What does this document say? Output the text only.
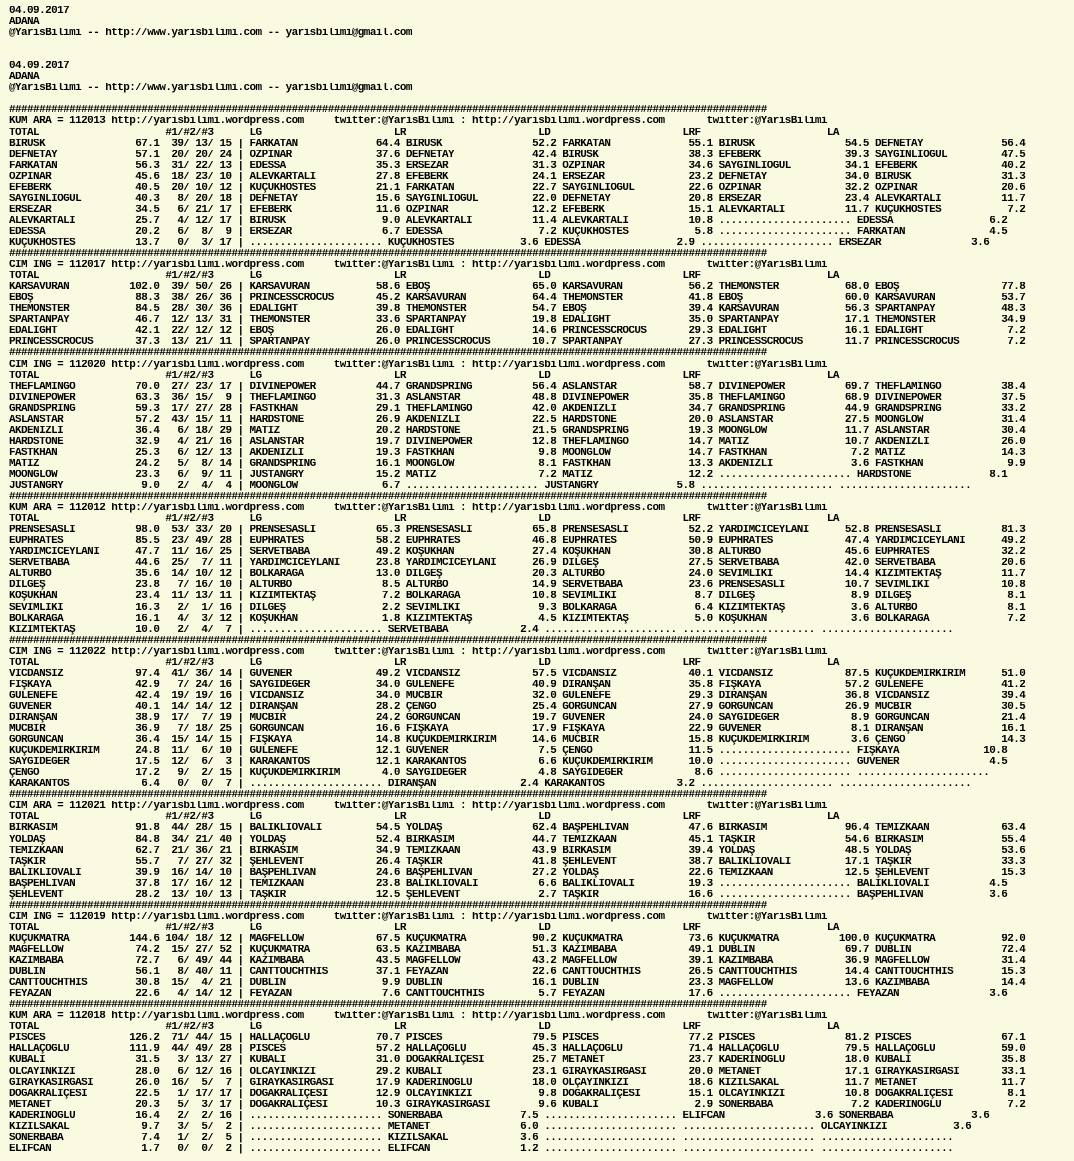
04.09.2017
ADANA
@YarisBilimi -- http://www.yarisbilimi.com -- yarisbilimi@gmail.com

04.09.2017
ADANA
@YarisBilimi -- http://www.yarisbilimi.com -- yarisbilimi@gmail.com

##############################################################################################################################
KUM ARA = 112013 http://yarisbilimi.wordpress.com     twitter:@YarisBilimi : http://yarisbilimi.wordpress.com       twitter:@YarisBilimi
TOTAL                     #1/#2/#3      LG                      LR                      LD                      LRF                     LA
BIRUSK               67.1  39/ 13/ 15 | FARKATAN             64.4 BIRUSK               52.2 FARKATAN             55.1 BIRUSK               54.5 DEFNETAY             56.4
DEFNETAY             57.1  20/ 20/ 24 | ÖZPINAR              37.6 DEFNETAY             42.4 BIRUSK               38.3 EFEBERK              39.3 SAYGINLIOĞUL         47.5
FARKATAN             56.3  31/ 22/ 13 | EDESSA               35.3 ERSEZAR              31.3 ÖZPINAR              34.6 SAYGINLIOĞUL         34.1 EFEBERK              40.2
ÖZPINAR              45.6  18/ 23/ 10 | ALEVKARTALI          27.8 EFEBERK              24.1 ERSEZAR              23.2 DEFNETAY             34.0 BIRUSK               31.3
EFEBERK              40.5  20/ 10/ 12 | KÜÇÜKHOSTES          21.1 FARKATAN             22.7 SAYGINLIOĞUL         22.6 ÖZPINAR              32.2 ÖZPINAR              20.6
SAYGINLIOĞUL         40.3   8/ 20/ 18 | DEFNETAY             15.6 SAYGINLIOĞUL         22.0 DEFNETAY             20.8 ERSEZAR              23.4 ALEVKARTALI          11.7
ERSEZAR              34.5   6/ 21/ 17 | EFEBERK              11.6 ÖZPINAR              12.2 EFEBERK              15.1 ALEVKARTALI          11.7 KÜÇÜKHOSTES           7.2
ALEVKARTALI          25.7   4/ 12/ 17 | BIRUSK                9.0 ALEVKARTALI          11.4 ALEVKARTALI          10.8 ...................... EDESSA                6.2
EDESSA               20.2   6/  8/  9 | ERSEZAR               6.7 EDESSA                7.2 KÜÇÜKHOSTES           5.8 ...................... FARKATAN              4.5
KÜÇÜKHOSTES          13.7   0/  3/ 17 | ...................... KÜÇÜKHOSTES           3.6 EDESSA                2.9 ...................... ERSEZAR               3.6
##############################################################################################################################
CIM ING = 112017 http://yarisbilimi.wordpress.com     twitter:@YarisBilimi : http://yarisbilimi.wordpress.com       twitter:@YarisBilimi
TOTAL                     #1/#2/#3      LG                      LR                      LD                      LRF                     LA
KARSAVURAN          102.0  39/ 50/ 26 | KARSAVURAN           58.6 EBOŞ                 65.0 KARSAVURAN           56.2 THEMONSTER           68.0 EBOŞ                 77.8
EBOŞ                 88.3  38/ 26/ 36 | PRINCESSCROCUS       45.2 KARSAVURAN           64.4 THEMONSTER           41.8 EBOŞ                 60.0 KARSAVURAN           53.7
THEMONSTER           84.5  28/ 30/ 36 | EDALIGHT             39.8 THEMONSTER           54.7 EBOŞ                 39.4 KARSAVURAN           56.3 SPARTANPAY           48.3
SPARTANPAY           46.7  12/ 13/ 31 | THEMONSTER           33.6 SPARTANPAY           19.8 EDALIGHT             35.0 SPARTANPAY           17.1 THEMONSTER           34.9
EDALIGHT             42.1  22/ 12/ 12 | EBOŞ                 26.0 EDALIGHT             14.6 PRINCESSCROCUS       29.3 EDALIGHT             16.1 EDALIGHT              7.2
PRINCESSCROCUS       37.3  13/ 21/ 11 | SPARTANPAY           26.0 PRINCESSCROCUS       10.7 SPARTANPAY           27.3 PRINCESSCROCUS       11.7 PRINCESSCROCUS        7.2
##############################################################################################################################
CIM ING = 112020 http://yarisbilimi.wordpress.com     twitter:@YarisBilimi : http://yarisbilimi.wordpress.com       twitter:@YarisBilimi
TOTAL                     #1/#2/#3      LG                      LR                      LD                      LRF                     LA
THEFLAMINGO          70.0  27/ 23/ 17 | DIVINEPOWER          44.7 GRANDSPRING          56.4 ASLANSTAR            58.7 DIVINEPOWER          69.7 THEFLAMINGO          38.4
DIVINEPOWER          63.3  36/ 15/  9 | THEFLAMINGO          31.3 ASLANSTAR            48.8 DIVINEPOWER          35.8 THEFLAMINGO          68.9 DIVINEPOWER          37.5
GRANDSPRING          59.3  17/ 27/ 28 | FASTKHAN             29.1 THEFLAMINGO          42.0 AKDENİZLİ            34.7 GRANDSPRING          44.9 GRANDSPRING          33.2
ASLANSTAR            57.2  43/ 15/ 11 | HARDSTONE            26.9 AKDENİZLİ            22.5 HARDSTONE            20.0 ASLANSTAR            27.5 MOONGLOW             31.4
AKDENİZLİ            36.4   6/ 18/ 29 | MATİZ                20.2 HARDSTONE            21.5 GRANDSPRING          19.3 MOONGLOW             11.7 ASLANSTAR            30.4
HARDSTONE            32.9   4/ 21/ 16 | ASLANSTAR            19.7 DIVINEPOWER          12.8 THEFLAMINGO          14.7 MATİZ                10.7 AKDENİZLİ            26.0
FASTKHAN             25.3   6/ 12/ 13 | AKDENİZLİ            19.3 FASTKHAN              9.8 MOONGLOW             14.7 FASTKHAN              7.2 MATİZ                14.3
MATİZ                24.2   5/  8/ 14 | GRANDSPRING          16.1 MOONGLOW              8.1 FASTKHAN             13.3 AKDENİZLİ             3.6 FASTKHAN              9.9
MOONGLOW             23.3   6/  9/ 11 | JUSTANGRY            15.2 MATİZ                 7.2 MATİZ                12.2 ...................... HARDSTONE             8.1
JUSTANGRY             9.0   2/  4/  4 | MOONGLOW              6.7 ...................... JUSTANGRY             5.8 ...................... ......................
##############################################################################################################################
KUM ARA = 112012 http://yarisbilimi.wordpress.com     twitter:@YarisBilimi : http://yarisbilimi.wordpress.com       twitter:@YarisBilimi
TOTAL                     #1/#2/#3      LG                      LR                      LD                      LRF                     LA
PRENSESASLI          98.0  53/ 33/ 20 | PRENSESASLI          65.3 PRENSESASLI          65.8 PRENSESASLI          52.2 YARDIMCICEYLANI      52.8 PRENSESASLI          81.3
EUPHRATES            85.5  23/ 49/ 28 | EUPHRATES            58.2 EUPHRATES            46.8 EUPHRATES            50.9 EUPHRATES            47.4 YARDIMCICEYLANI      49.2
YARDIMCICEYLANI      47.7  11/ 16/ 25 | SERVETBABA           49.2 KOŞUKHAN             27.4 KOŞUKHAN             30.8 ALTURBO              45.6 EUPHRATES            32.2
SERVETBABA           44.6  25/  7/ 11 | YARDIMCICEYLANI      23.8 YARDIMCICEYLANI      26.9 DILGEŞ               27.5 SERVETBABA           42.0 SERVETBABA           20.6
ALTURBO              35.6  14/ 10/ 12 | BOLKARAGA            13.0 DILGEŞ               20.3 ALTURBO              24.0 SEVİMLİKİ            14.4 KIZIMTEKTAŞ          11.7
DILGEŞ               23.8   7/ 16/ 10 | ALTURBO               8.5 ALTURBO              14.9 SERVETBABA           23.6 PRENSESASLI          10.7 SEVİMLİKİ            10.8
KOŞUKHAN             23.4  11/ 13/ 11 | KIZIMTEKTAŞ           7.2 BOLKARAGA            10.8 SEVİMLİKİ             8.7 DILGEŞ                8.9 DILGEŞ                8.1
SEVİMLİKİ            16.3   2/  1/ 16 | DILGEŞ                2.2 SEVİMLİKİ             9.3 BOLKARAGA             6.4 KIZIMTEKTAŞ           3.6 ALTURBO               8.1
BOLKARAGA            16.1   4/  3/ 12 | KOŞUKHAN              1.8 KIZIMTEKTAŞ           4.5 KIZIMTEKTAŞ           5.0 KOŞUKHAN              3.6 BOLKARAGA             7.2
KIZIMTEKTAŞ          10.0   2/  4/  7 | ...................... SERVETBABA            2.4 ...................... ...................... ......................
##############################################################################################################################
CIM ING = 112022 http://yarisbilimi.wordpress.com     twitter:@YarisBilimi : http://yarisbilimi.wordpress.com       twitter:@YarisBilimi
TOTAL                     #1/#2/#3      LG                      LR                      LD                      LRF                     LA
VİCDANSIZ            97.4  41/ 36/ 14 | GÜVENER              49.2 VİCDANSIZ            57.5 VİCDANSIZ            40.1 VİCDANSIZ            87.5 KÜÇÜKDEMİRKIRIM      51.0
FIŞKAYA              42.9   7/ 24/ 16 | SAYGIDEGER           34.0 GÜLENEFE             40.9 DİRANŞAN             35.8 FIŞKAYA              57.2 GÜLENEFE             41.2
GÜLENEFE             42.4  19/ 19/ 16 | VİCDANSIZ            34.0 MÜCBİR               32.0 GÜLENEFE             29.3 DİRANŞAN             36.8 VİCDANSIZ            39.4
GÜVENER              40.1  14/ 14/ 12 | DİRANŞAN             28.2 ÇENGO                25.4 GÖRGÜNCAN            27.9 GÖRGÜNCAN            26.9 MÜCBİR               30.5
DİRANŞAN             38.9  17/  7/ 19 | MÜCBİR               24.2 GÖRGÜNCAN            19.7 GÜVENER              24.0 SAYGIDEGER            8.9 GÖRGÜNCAN            21.4
MÜCBİR               36.9   7/ 18/ 25 | GÖRGÜNCAN            16.6 FIŞKAYA              17.9 FIŞKAYA              22.9 GÜVENER               8.1 DİRANŞAN             16.1
GÖRGÜNCAN            36.4  15/ 14/ 15 | FIŞKAYA              14.8 KÜÇÜKDEMİRKIRIM      14.6 MÜCBİR               15.8 KÜÇÜKDEMİRKIRIM       3.6 ÇENGO                14.3
KÜÇÜKDEMİRKIRIM      24.8  11/  6/ 10 | GÜLENEFE             12.1 GÜVENER               7.5 ÇENGO                11.5 ...................... FIŞKAYA              10.8
SAYGIDEGER           17.5  12/  6/  3 | KARAKANTOS           12.1 KARAKANTOS            6.6 KÜÇÜKDEMİRKIRIM      10.0 ...................... GÜVENER               4.5
ÇENGO                17.2   9/  2/ 15 | KÜÇÜKDEMİRKIRIM       4.0 SAYGIDEGER            4.8 SAYGIDEGER            8.6 ...................... ......................
KARAKANTOS            6.4   0/  0/  7 | ...................... DİRANŞAN              2.4 KARAKANTOS            3.2 ...................... ......................
##############################################################################################################################
CIM ARA = 112021 http://yarisbilimi.wordpress.com     twitter:@YarisBilimi : http://yarisbilimi.wordpress.com       twitter:@YarisBilimi
TOTAL                     #1/#2/#3      LG                      LR                      LD                      LRF                     LA
BİRKASIM             91.8  44/ 28/ 15 | BALIKLIOVALI         54.5 YOLDAŞ               62.4 BAŞPEHLİVAN          47.6 BİRKASIM             96.4 TEMİZKAAN            63.4
YOLDAŞ               84.8  34/ 21/ 40 | YOLDAŞ               52.4 BİRKASIM             44.7 TEMİZKAAN            45.1 TAŞKIR               54.6 BİRKASIM             55.4
TEMİZKAAN            62.7  21/ 36/ 21 | BİRKASIM             34.9 TEMİZKAAN            43.9 BİRKASIM             39.4 YOLDAŞ               48.5 YOLDAŞ               53.6
TAŞKIR               55.7   7/ 27/ 32 | ŞEHLEVENT            26.4 TAŞKIR               41.8 ŞEHLEVENT            38.7 BALIKLIOVALI         17.1 TAŞKIR               33.3
BALIKLIOVALI         39.9  16/ 14/ 10 | BAŞPEHLİVAN          24.6 BAŞPEHLİVAN          27.2 YOLDAŞ               22.6 TEMİZKAAN            12.5 ŞEHLEVENT            15.3
BAŞPEHLİVAN          37.8  17/ 16/ 12 | TEMİZKAAN            23.8 BALIKLIOVALI          6.6 BALIKLIOVALI         19.3 ...................... BALIKLIOVALI          4.5
ŞEHLEVENT            28.2  13/ 10/ 13 | TAŞKIR               12.5 ŞEHLEVENT             2.7 TAŞKIR               16.6 ...................... BAŞPEHLİVAN           3.6
##############################################################################################################################
CIM ING = 112019 http://yarisbilimi.wordpress.com     twitter:@YarisBilimi : http://yarisbilimi.wordpress.com       twitter:@YarisBilimi
TOTAL                     #1/#2/#3      LG                      LR                      LD                      LRF                     LA
KÜÇÜKMATRA          144.6 104/ 18/ 12 | MAGFELLOW            67.5 KÜÇÜKMATRA           90.2 KÜÇÜKMATRA           73.6 KÜÇÜKMATRA          100.0 KÜÇÜKMATRA           92.0
MAGFELLOW            74.2  15/ 27/ 52 | KÜÇÜKMATRA           63.5 KAZİMBABA            51.3 KAZİMBABA            49.1 DUBLIN               69.7 DUBLIN               72.4
KAZİMBABA            72.7   6/ 49/ 44 | KAZİMBABA            43.5 MAGFELLOW            43.2 MAGFELLOW            39.1 KAZİMBABA            36.9 MAGFELLOW            31.4
DUBLIN               56.1   8/ 40/ 11 | CANTTOUCHTHIS        37.1 FEYAZAN              22.6 CANTTOUCHTHIS        26.5 CANTTOUCHTHIS        14.4 CANTTOUCHTHIS        15.3
CANTTOUCHTHIS        30.8  15/  4/ 21 | DUBLIN                9.9 DUBLIN               16.1 DUBLIN               23.3 MAGFELLOW            13.6 KAZİMBABA            14.4
FEYAZAN              22.6   4/ 14/ 12 | FEYAZAN               7.6 CANTTOUCHTHIS         5.7 FEYAZAN              17.6 ...................... FEYAZAN               3.6
##############################################################################################################################
KUM ARA = 112018 http://yarisbilimi.wordpress.com     twitter:@YarisBilimi : http://yarisbilimi.wordpress.com       twitter:@YarisBilimi
TOTAL                     #1/#2/#3      LG                      LR                      LD                      LRF                     LA
PISCES              126.2  71/ 44/ 15 | HALLAÇOĞLU           70.7 PISCES               79.5 PISCES               77.2 PISCES               81.2 PISCES               67.1
HALLAÇOĞLU          111.9  44/ 49/ 28 | PISCES               57.2 HALLAÇOĞLU           45.3 HALLAÇOĞLU           71.4 HALLAÇOĞLU           79.5 HALLAÇOĞLU           59.0
KUBALİ               31.5   3/ 13/ 27 | KUBALİ               31.0 DOGAKRALİÇESİ        25.7 METANET              23.7 KADERİNOGLU          18.0 KUBALİ               35.8
OLCAYINKIZI          28.0   6/ 12/ 16 | OLCAYINKIZI          29.2 KUBALİ               23.1 GIRAYKASIRGASI       20.0 METANET              17.1 GIRAYKASIRGASI       33.1
GIRAYKASIRGASI       26.0  16/  5/  7 | GIRAYKASIRGASI       17.9 KADERİNOĞLU          18.0 OLÇAYINKIZI          18.6 KIZILSAKAL           11.7 METANET              11.7
DOGAKRALİÇESİ        22.5   1/ 17/ 17 | DOGAKRALİÇESİ        12.9 OLCAYINKIZI           9.8 DOGAKRALİÇESİ        15.1 OLCAYINKIZI          10.8 DOGAKRALİÇESİ         8.1
METANET              20.3   5/  3/ 17 | DOGAKRALİÇESİ        10.3 GIRAYKASIRGASI        9.6 KUBALİ                2.9 SONERBABA             7.2 KADERİNOGLU           7.2
KADERİNOĞLU          16.4   2/  2/ 16 | ...................... SONERBABA             7.5 ...................... ELIFCAN               3.6 SONERBABA             3.6
KIZILSAKAL            9.7   3/  5/  2 | ...................... METANET               6.0 ...................... ...................... OLCAYINKIZI           3.6
SONERBABA             7.4   1/  2/  5 | ...................... KIZILSAKAL            3.6 ...................... ...................... ......................
ELIFCAN               1.7   0/  0/  2 | ...................... ELIFCAN               1.2 ...................... ...................... ......................
